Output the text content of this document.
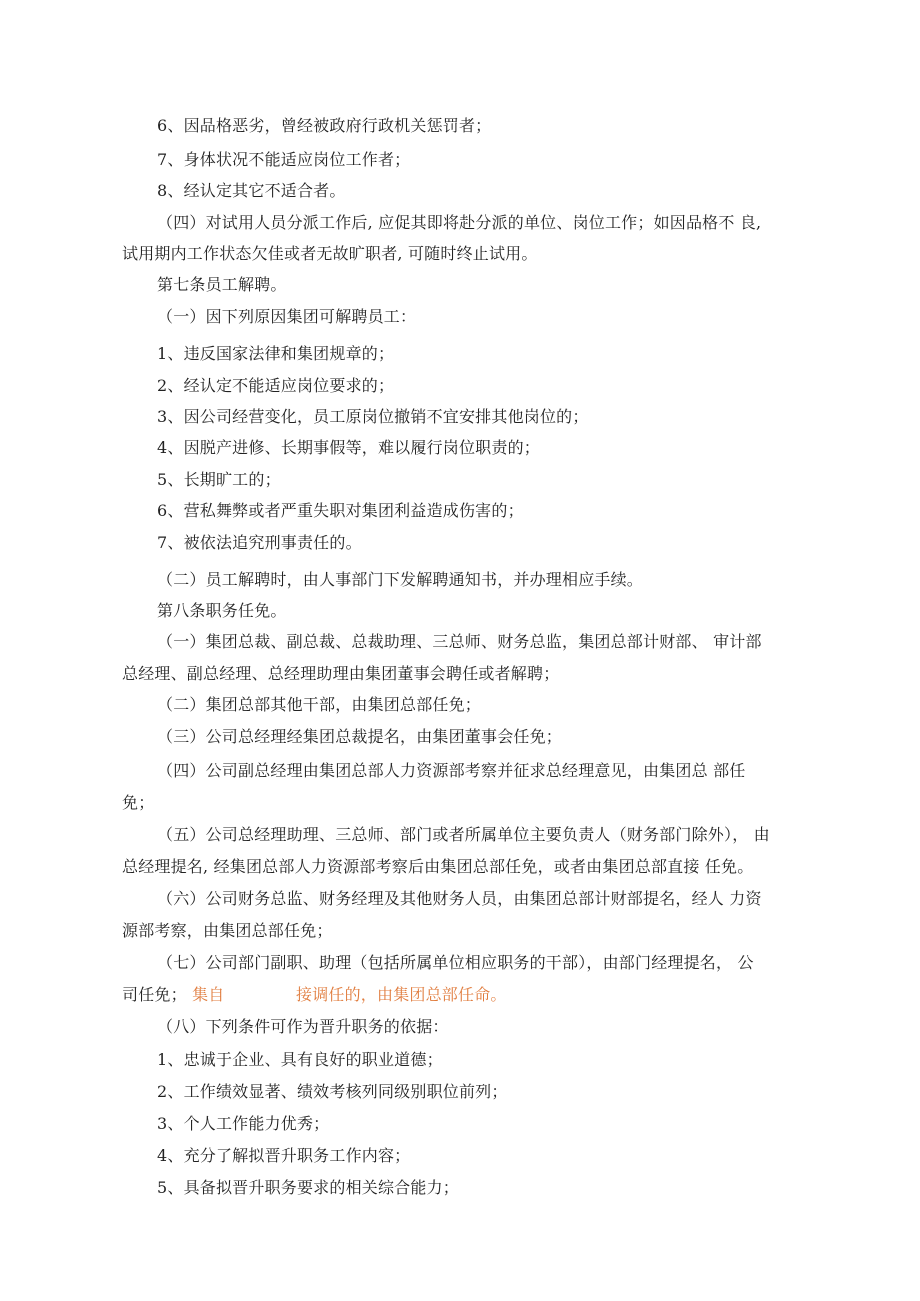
6、因品格恶劣，曾经被政府行政机关惩罚者；
7、身体状况不能适应岗位工作者；
8、经认定其它不适合者。
（四）对试用人员分派工作后, 应促其即将赴分派的单位、岗位工作；如因品格不 良,
试用期内工作状态欠佳或者无故旷职者, 可随时终止试用。
第七条员工解聘。
（一）因下列原因集团可解聘员工：
1、违反国家法律和集团规章的；
2、经认定不能适应岗位要求的；
3、因公司经营变化，员工原岗位撤销不宜安排其他岗位的；
4、因脱产进修、长期事假等，难以履行岗位职责的；
5、长期旷工的；
6、营私舞弊或者严重失职对集团利益造成伤害的；
7、被依法追究刑事责任的。
（二）员工解聘时，由人事部门下发解聘通知书，并办理相应手续。
第八条职务任免。
（一）集团总裁、副总裁、总裁助理、三总师、财务总监，集团总部计财部、 审计部
总经理、副总经理、总经理助理由集团董事会聘任或者解聘；
（二）集团总部其他干部，由集团总部任免；
（三）公司总经理经集团总裁提名，由集团董事会任免；
（四）公司副总经理由集团总部人力资源部考察并征求总经理意见，由集团总 部任
免；
（五）公司总经理助理、三总师、部门或者所属单位主要负责人（财务部门除外）， 由
总经理提名, 经集团总部人力资源部考察后由集团总部任免，或者由集团总部直接 任免。
（六）公司财务总监、财务经理及其他财务人员，由集团总部计财部提名，经人 力资
源部考察，由集团总部任免；
（七）公司部门副职、助理（包括所属单位相应职务的干部），由部门经理提名， 公
司任免； 集自	接调任的，由集团总部任命。
（八）下列条件可作为晋升职务的依据：
1、忠诚于企业、具有良好的职业道德；
2、工作绩效显著、绩效考核列同级别职位前列；
3、个人工作能力优秀；
4、充分了解拟晋升职务工作内容；
5、具备拟晋升职务要求的相关综合能力；
